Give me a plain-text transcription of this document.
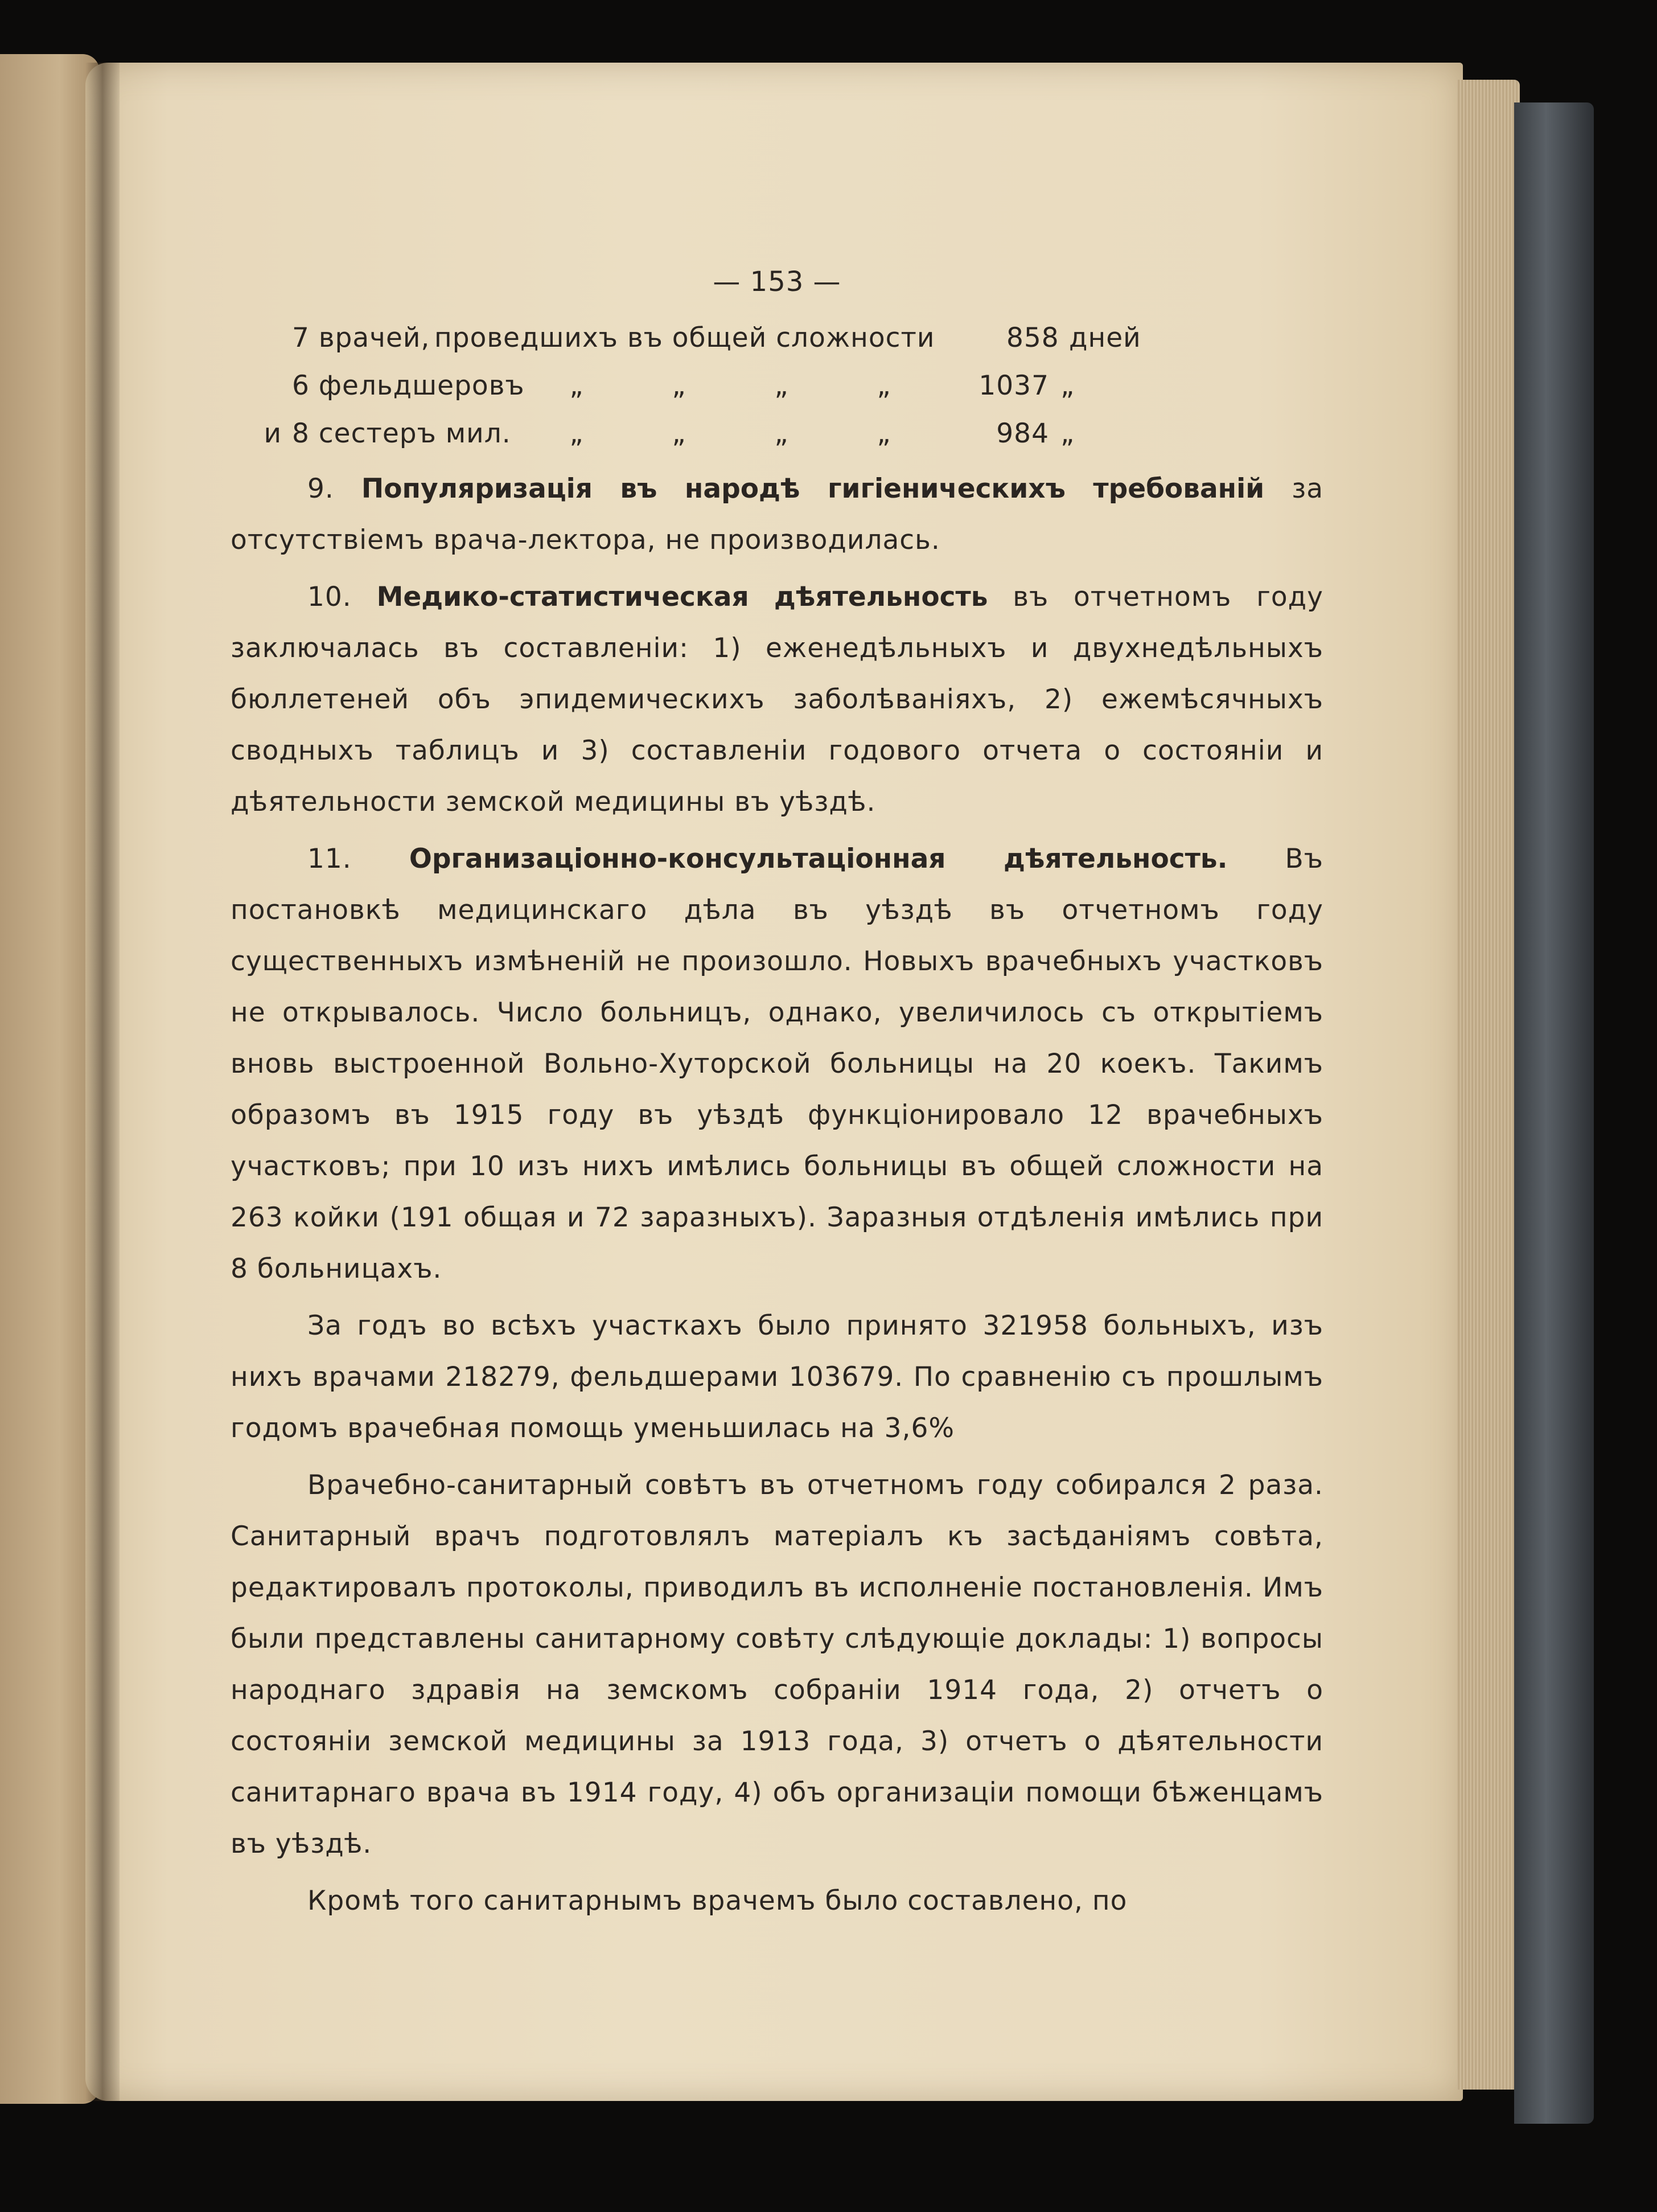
— 153 —
7 врачей, проведшихъ въ общей сложности	858 дней
6 фельдшеровъ	„	„	„	„	1037 „
и 8 сестеръ мил.	„	„	„	„	984 „

9. Популяризація въ народѣ гигіеническихъ требованій за отсутствіемъ врача-лектора, не производилась.

10. Медико-статистическая дѣятельность въ отчетномъ году заключалась въ составленіи: 1) еженедѣльныхъ и двухнедѣльныхъ бюллетеней объ эпидемическихъ заболѣваніяхъ, 2) ежемѣсячныхъ сводныхъ таблицъ и 3) составленіи годового отчета о состояніи и дѣятельности земской медицины въ уѣздѣ.

11. Организаціонно-консультаціонная дѣятельность. Въ постановкѣ медицинскаго дѣла въ уѣздѣ въ отчетномъ году существенныхъ измѣненій не произошло. Новыхъ врачебныхъ участковъ не открывалось. Число больницъ, однако, увеличилось съ открытіемъ вновь выстроенной Вольно-Хуторской больницы на 20 коекъ. Такимъ образомъ въ 1915 году въ уѣздѣ функціонировало 12 врачебныхъ участковъ; при 10 изъ нихъ имѣлись больницы въ общей сложности на 263 койки (191 общая и 72 заразныхъ). Заразныя отдѣленія имѣлись при 8 больницахъ.

За годъ во всѣхъ участкахъ было принято 321958 больныхъ, изъ нихъ врачами 218279, фельдшерами 103679. По сравненію съ прошлымъ годомъ врачебная помощь уменьшилась на 3,6%

Врачебно-санитарный совѣтъ въ отчетномъ году собирался 2 раза. Санитарный врачъ подготовлялъ матеріалъ къ засѣданіямъ совѣта, редактировалъ протоколы, приводилъ въ исполненіе постановленія. Имъ были представлены санитарному совѣту слѣдующіе доклады: 1) вопросы народнаго здравія на земскомъ собраніи 1914 года, 2) отчетъ о состояніи земской медицины за 1913 года, 3) отчетъ о дѣятельности санитарнаго врача въ 1914 году, 4) объ организаціи помощи бѣженцамъ въ уѣздѣ.

Кромѣ того санитарнымъ врачемъ было составлено, по
